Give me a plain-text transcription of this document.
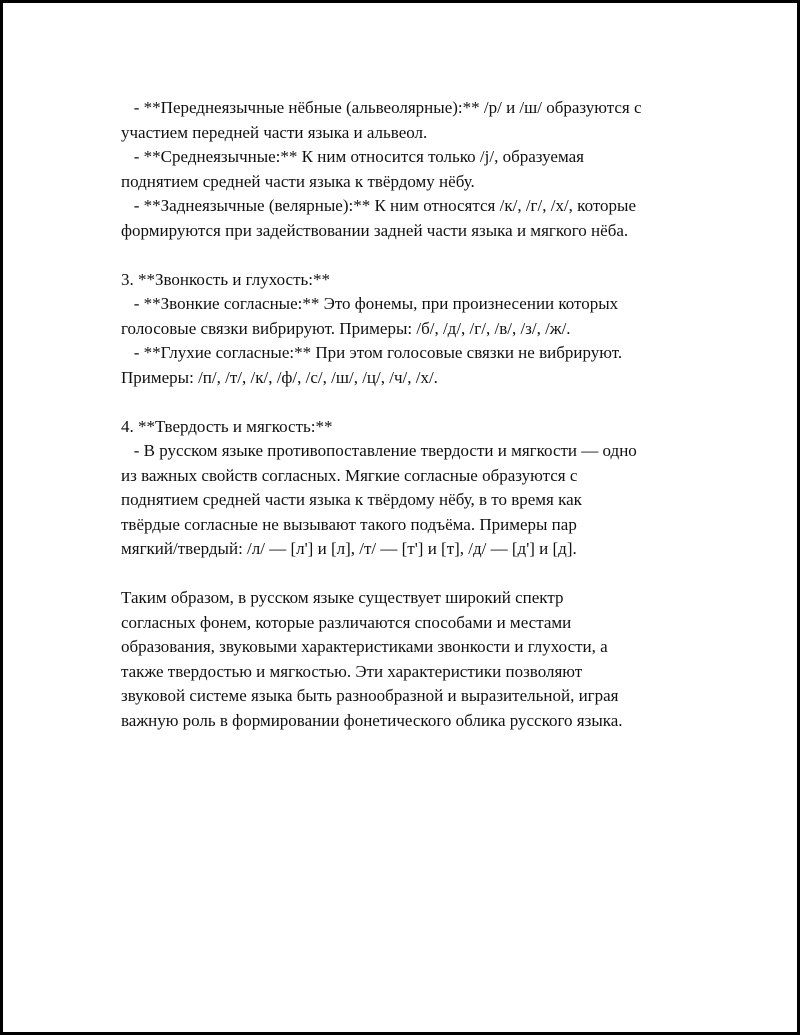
- **Переднеязычные нёбные (альвеолярные):** /р/ и /ш/ образуются с
участием передней части языка и альвеол.
- **Среднеязычные:** К ним относится только /j/, образуемая
поднятием средней части языка к твёрдому нёбу.
- **Заднеязычные (велярные):** К ним относятся /к/, /г/, /х/, которые
формируются при задействовании задней части языка и мягкого нёба.
3. **Звонкость и глухость:**
- **Звонкие согласные:** Это фонемы, при произнесении которых
голосовые связки вибрируют. Примеры: /б/, /д/, /г/, /в/, /з/, /ж/.
- **Глухие согласные:** При этом голосовые связки не вибрируют.
Примеры: /п/, /т/, /к/, /ф/, /с/, /ш/, /ц/, /ч/, /х/.
4. **Твердость и мягкость:**
- В русском языке противопоставление твердости и мягкости — одно
из важных свойств согласных. Мягкие согласные образуются с
поднятием средней части языка к твёрдому нёбу, в то время как
твёрдые согласные не вызывают такого подъёма. Примеры пар
мягкий/твердый: /л/ — [л'] и [л], /т/ — [т'] и [т], /д/ — [д'] и [д].
Таким образом, в русском языке существует широкий спектр
согласных фонем, которые различаются способами и местами
образования, звуковыми характеристиками звонкости и глухости, а
также твердостью и мягкостью. Эти характеристики позволяют
звуковой системе языка быть разнообразной и выразительной, играя
важную роль в формировании фонетического облика русского языка.
